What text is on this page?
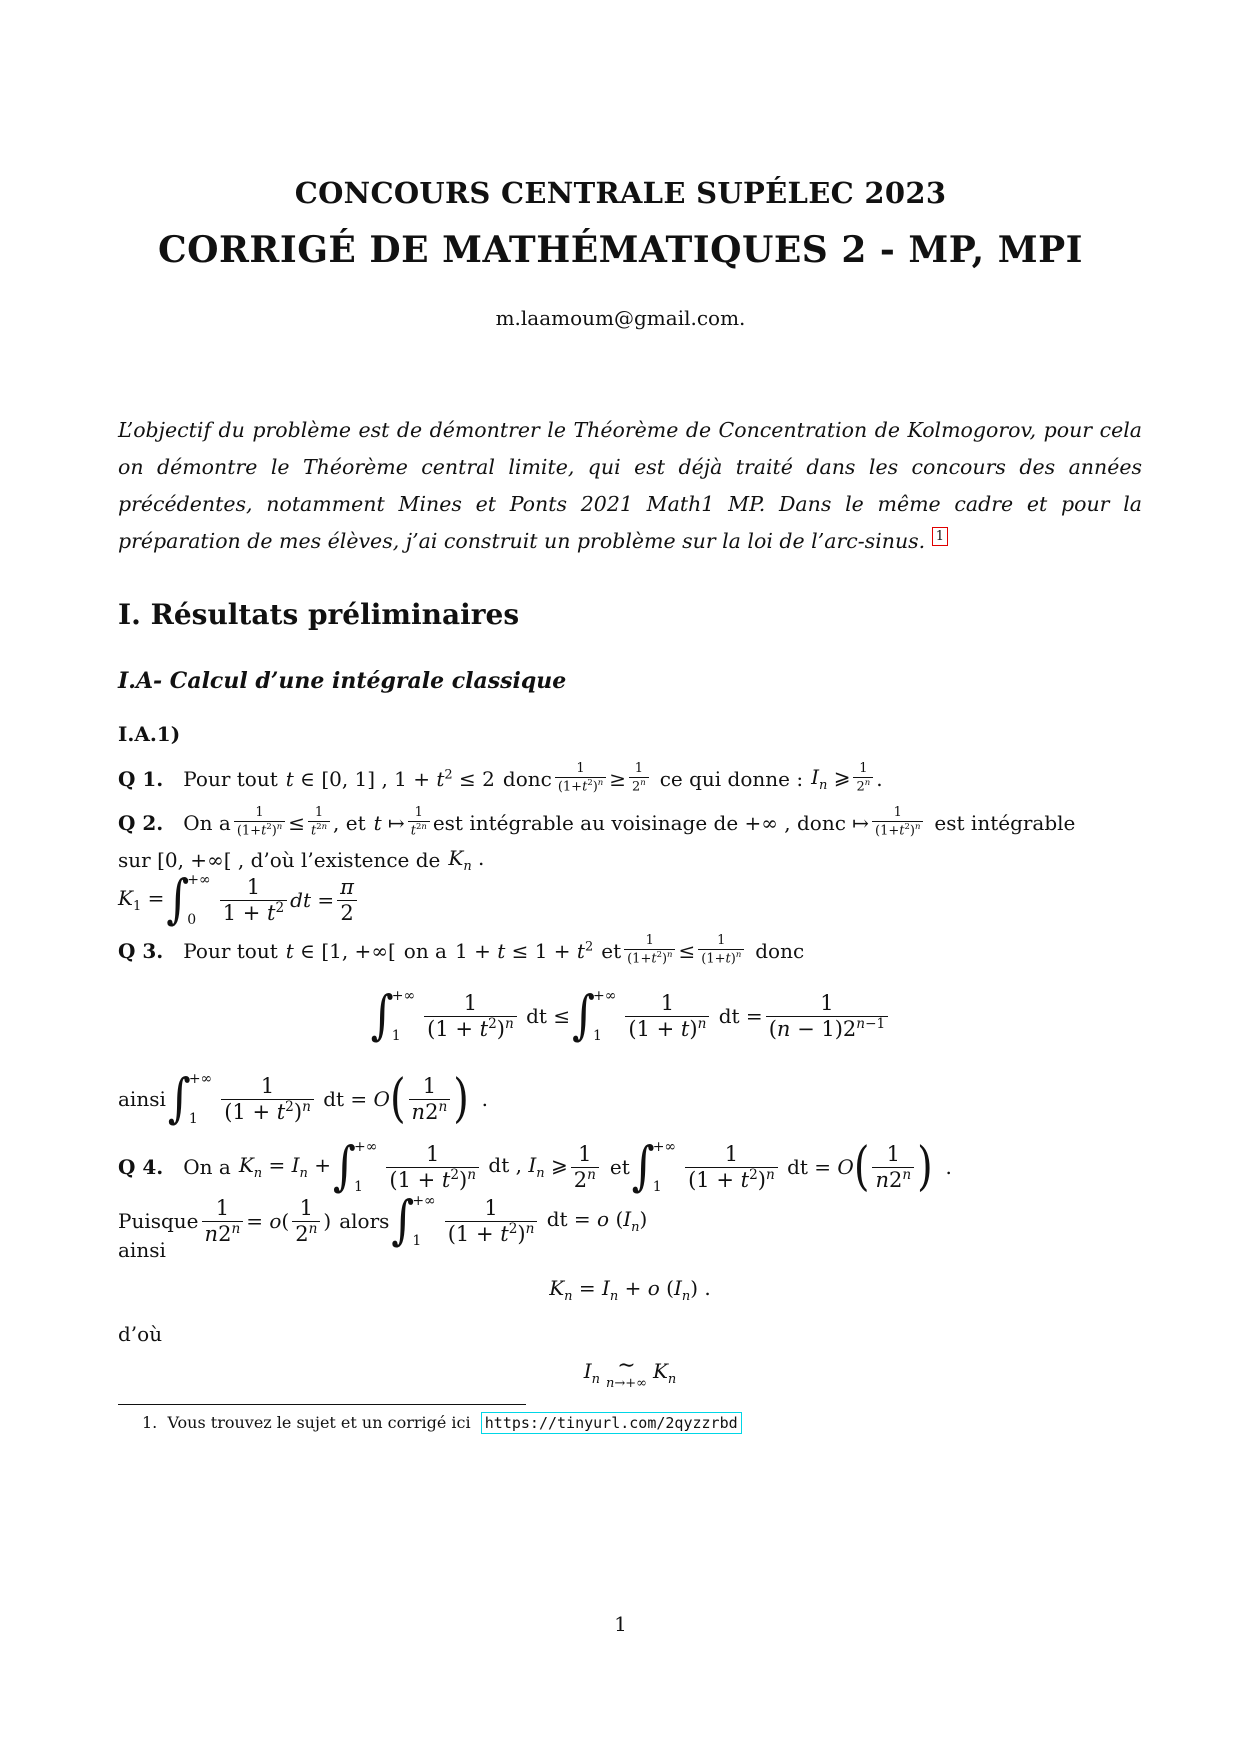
CONCOURS CENTRALE SUPÉLEC 2023
CORRIGÉ DE MATHÉMATIQUES 2 - MP, MPI
m.laamoum@gmail.com.
L’objectif du problème est de démontrer le Théorème de Concentration de Kolmogorov, pour cela on démontre le Théorème central limite, qui est déjà traité dans les concours des années précédentes, notamment Mines et Ponts 2021 Math1 MP. Dans le même cadre et pour la préparation de mes élèves, j’ai construit un problème sur la loi de l’arc-sinus. 1
I. Résultats préliminaires
I.A- Calcul d’une intégrale classique
I.A.1)
Q 1. Pour tout t ∈ [0, 1] , $1 + t^2 \le 2$ donc $\frac{1}{(1+t^2)^n} \ge \frac{1}{2^n}$ ce qui donne : $I_n$ ⩾ $\frac{1}{2^n}$ .
Q 2. On a $\frac{1}{(1+t^2)^n} \le \frac{1}{t^{2n}}$ , et t ↦ $\frac{1}{t^{2n}}$ est intégrable au voisinage de +∞ , donc ↦ $\frac{1}{(1+t^2)^n}$ est intégrable
sur [0, +∞[ , d’où l’existence de $K_n$ .
$K_1$ = ∫
+∞
0	$\frac{1}{1 + t^2}$ dt = $\frac{\pi}{2}$
Q 3. Pour tout t ∈ [1, +∞[ on a $1 + t \le 1 + t^2$ et $\frac{1}{(1+t^2)^n} \le \frac{1}{(1+t)^n}$ donc
∫
+∞
1	$\frac{1}{(1 + t^2)^n}$ dt ≤ ∫
+∞
1	$\frac{1}{(1 + t)^n}$ dt = $\frac{1}{(n - 1)2^{n-1}}$
ainsi ∫
+∞
1	$\frac{1}{(1 + t^2)^n}$ dt = O ( $\frac{1}{n2^n}$ ) .
Q 4. On a $K_n = I_n$ + ∫
+∞
1	$\frac{1}{(1 + t^2)^n}$ dt , $I_n$ ⩾ $\frac{1}{2^n}$ et ∫
+∞
1	$\frac{1}{(1 + t^2)^n}$ dt = O ( $\frac{1}{n2^n}$ ) .
Puisque $\frac{1}{n2^n} = o( \frac{1}{2^n}$ ) alors ∫
+∞
1	$\frac{1}{(1 + t^2)^n}$ dt = o $(I_n)$
ainsi
$K_n = I_n + o$ $(I_n)$ .
d’où
$I_n$
∼
n→+∞ $K_n$
1. Vous trouvez le sujet et un corrigé ici https://tinyurl.com/2qyzzrbd
1
